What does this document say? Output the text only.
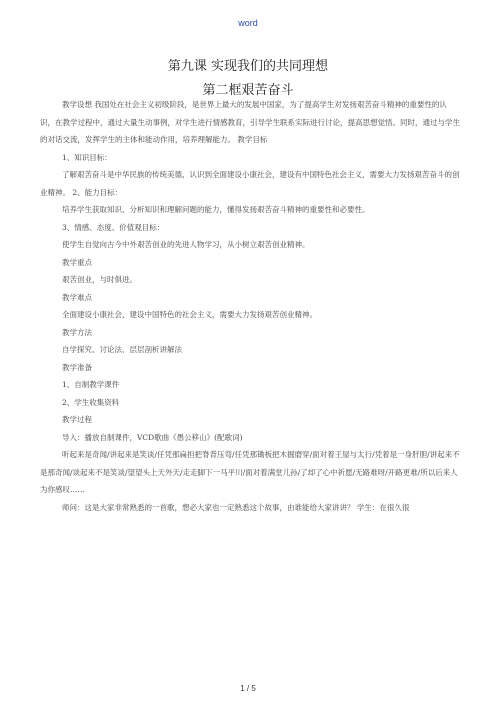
word
第九课 实现我们的共同理想
第二框艰苦奋斗

教学设想 我国处在社会主义初级阶段，是世界上最大的发展中国家，为了提高学生对发扬艰苦奋斗精神的重要性的认识，在教学过程中，通过大量生动事例，对学生进行情感教育，引导学生联系实际进行讨论，提高思想觉悟。同时，通过与学生的对话交流，发挥学生的主体和能动作用，培养理解能力。 教学目标

1、知识目标：

了解艰苦奋斗是中华民族的传统美德，认识到全面建设小康社会，建设有中国特色社会主义，需要大力发扬艰苦奋斗的创业精神。 2、能力目标：

培养学生获取知识、分析知识和理解问题的能力，懂得发扬艰苦奋斗精神的重要性和必要性。

3、情感、态度、价值观目标：

使学生自觉向古今中外艰苦创业的先进人物学习，从小树立艰苦创业精神。

教学重点

艰苦创业，与时俱进。

教学难点

全面建设小康社会，建设中国特色的社会主义，需要大力发扬艰苦创业精神。

教学方法

自学探究、讨论法、层层剖析讲解法

教学准备

1、自制教学课件

2、学生收集资料

教学过程

导入：播放自制课件，VCD歌曲《愚公移山》(配歌词)

听起来是奇闻/讲起来是笑谈/任凭那扁担把脊背压弯/任凭那锄板把木掘磨穿/面对着王屋与太行/凭着是一身肝胆/讲起来不是那奇闻/谈起来不是笑谈/望望头上天外天/走走脚下一马平川/面对着满堂儿孙/了却了心中祈愿/无路难呀/开路更难/所以后来人为你感叹……

师问：这是大家非常熟悉的一首歌，想必大家也一定熟悉这个故事，由谁能给大家讲讲？ 学生：在很久很

1 / 5
